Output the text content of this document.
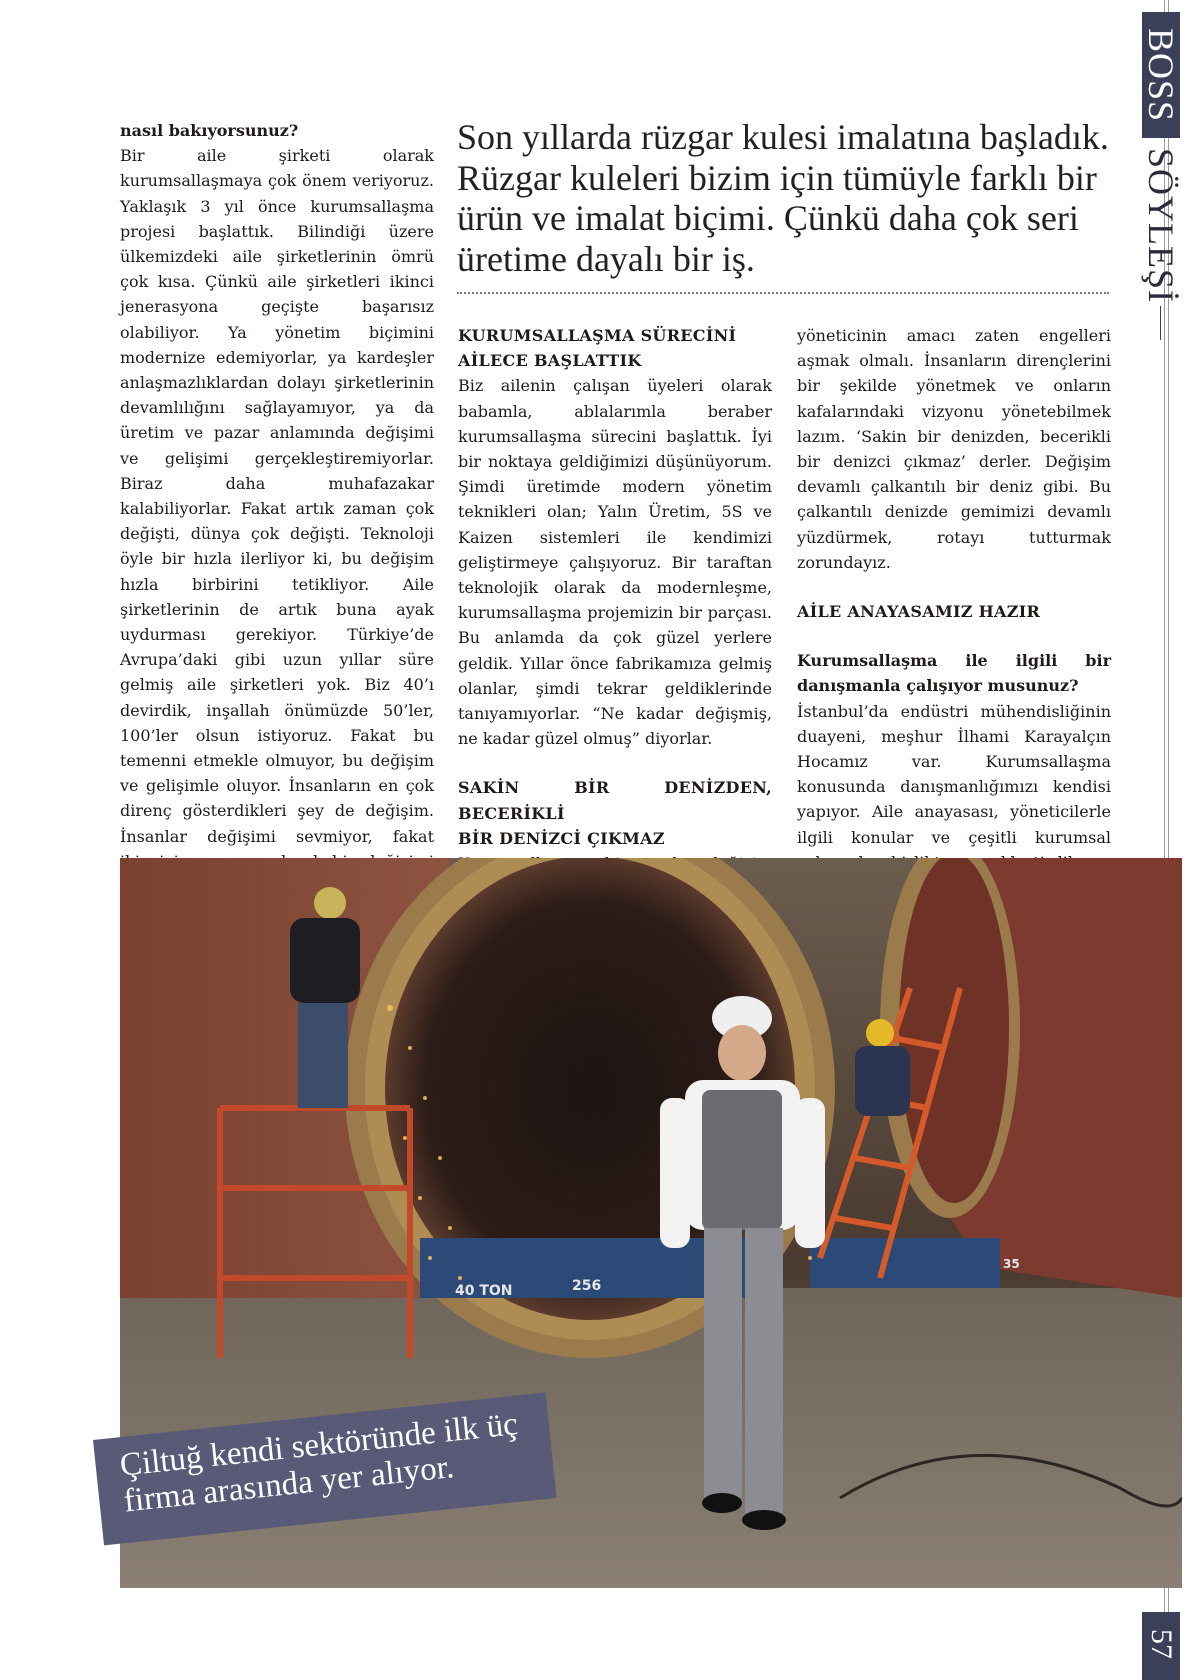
nasıl bakıyorsunuz?

Bir aile şirketi olarak kurumsallaşmaya çok önem veriyoruz. Yaklaşık 3 yıl önce kurumsallaşma projesi başlattık. Bilindiği üzere ülkemizdeki aile şirketlerinin ömrü çok kısa. Çünkü aile şirketleri ikinci jenerasyona geçişte başarısız olabiliyor. Ya yönetim biçimini modernize edemiyorlar, ya kardeşler anlaşmazlıklardan dolayı şirketlerinin devamlılığını sağlayamıyor, ya da üretim ve pazar anlamında değişimi ve gelişimi gerçekleştiremiyorlar. Biraz daha muhafazakar kalabiliyorlar. Fakat artık zaman çok değişti, dünya çok değişti. Teknoloji öyle bir hızla ilerliyor ki, bu değişim hızla birbirini tetikliyor. Aile şirketlerinin de artık buna ayak uydurması gerekiyor. Türkiye’de Avrupa’daki gibi uzun yıllar süre gelmiş aile şirketleri yok. Biz 40’ı devirdik, inşallah önümüzde 50’ler, 100’ler olsun istiyoruz. Fakat bu temenni etmekle olmuyor, bu değişim ve gelişimle oluyor. İnsanların en çok direnç gösterdikleri şey de değişim. İnsanlar değişimi sevmiyor, fakat

Son yıllarda rüzgar kulesi imalatına başladık. Rüzgar kuleleri bizim için tümüyle farklı bir ürün ve imalat biçimi. Çünkü daha çok seri üretime dayalı bir iş.

KURUMSALLAŞMA SÜRECİNİ
AİLECE BAŞLATTIK

Biz ailenin çalışan üyeleri olarak babamla, ablalarımla beraber kurumsallaşma sürecini başlattık. İyi bir noktaya geldiğimizi düşünüyorum. Şimdi üretimde modern yönetim teknikleri olan; Yalın Üretim, 5S ve Kaizen sistemleri ile kendimizi geliştirmeye çalışıyoruz. Bir taraftan teknolojik olarak da modernleşme, kurumsallaşma projemizin bir parçası. Bu anlamda da çok güzel yerlere geldik. Yıllar önce fabrikamıza gelmiş olanlar, şimdi tekrar geldiklerinde tanıyamıyorlar. “Ne kadar değişmiş, ne kadar güzel olmuş” diyorlar.

SAKİN BİR DENİZDEN, BECERİKLİ
BİR DENİZCİ ÇIKMAZ

yöneticinin amacı zaten engelleri aşmak olmalı. İnsanların dirençlerini bir şekilde yönetmek ve onların kafalarındaki vizyonu yönetebilmek lazım. ‘Sakin bir denizden, becerikli bir denizci çıkmaz’ derler. Değişim devamlı çalkantılı bir deniz gibi. Bu çalkantılı denizde gemimizi devamlı yüzdürmek, rotayı tutturmak zorundayız.

AİLE ANAYASAMIZ HAZIR

Kurumsallaşma ile ilgili bir danışmanla çalışıyor musunuz?

İstanbul’da endüstri mühendisliğinin duayeni, meşhur İlhami Karayalçın Hocamız var. Kurumsallaşma konusunda danışmanlığımızı kendisi yapıyor. Aile anayasası, yöneticilerle ilgili konular ve çeşitli kurumsal

BOSS
SÖYLEŞİ
57
40 TON	256
35
Çiltuğ kendi sektöründe ilk üç firma arasında yer alıyor.
